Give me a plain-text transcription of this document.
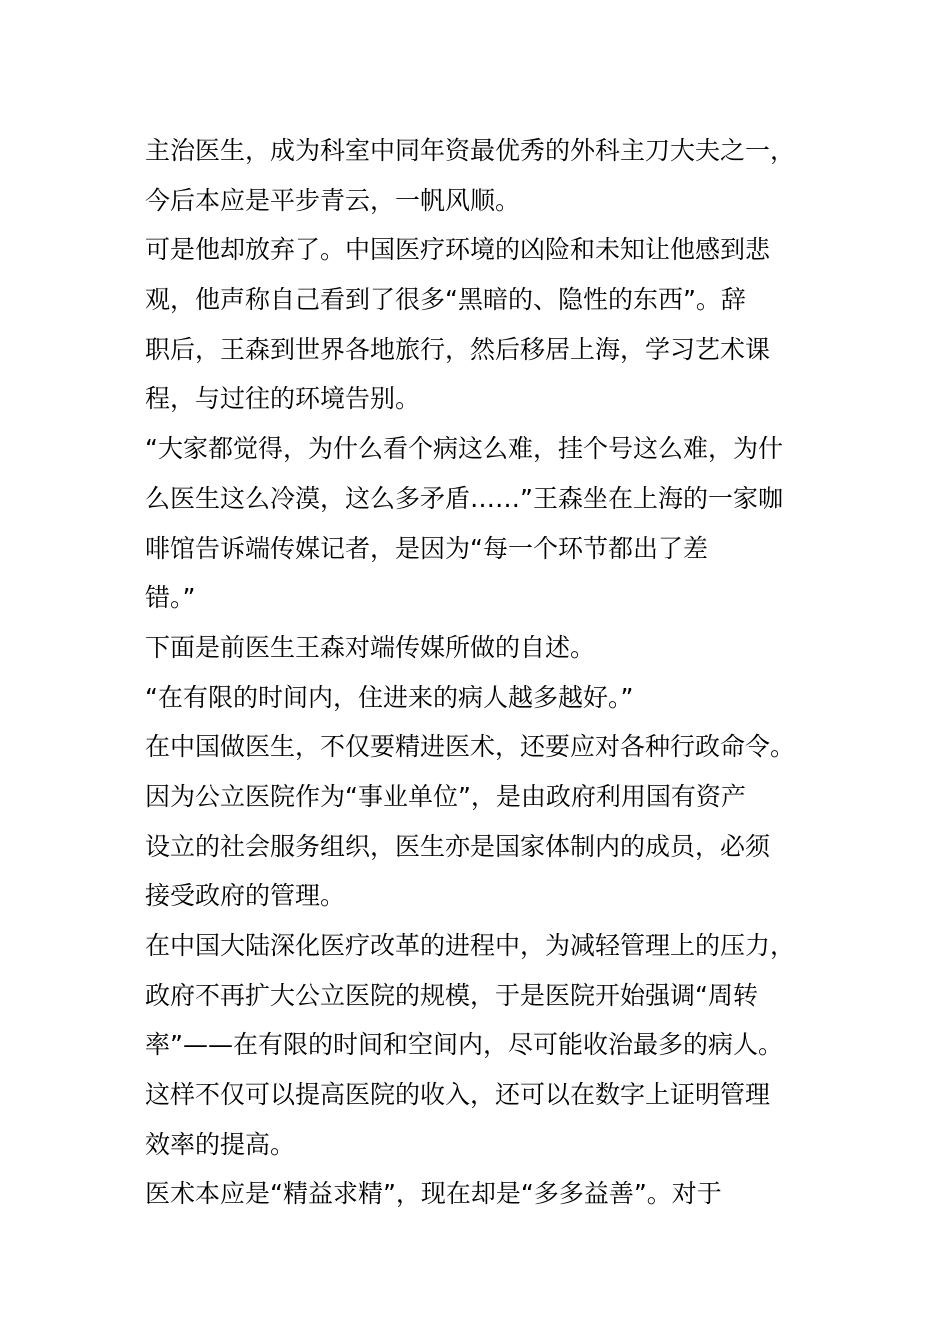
主治医生，成为科室中同年资最优秀的外科主刀大夫之一，
今后本应是平步青云，一帆风顺。
可是他却放弃了。中国医疗环境的凶险和未知让他感到悲
观，他声称自己看到了很多“黑暗的、隐性的东西”。辞
职后，王森到世界各地旅行，然后移居上海，学习艺术课
程，与过往的环境告别。
“大家都觉得，为什么看个病这么难，挂个号这么难，为什
么医生这么冷漠，这么多矛盾……”王森坐在上海的一家咖
啡馆告诉端传媒记者，是因为“每一个环节都出了差
错。”
下面是前医生王森对端传媒所做的自述。
“在有限的时间内，住进来的病人越多越好。”
在中国做医生，不仅要精进医术，还要应对各种行政命令。
因为公立医院作为“事业单位”，是由政府利用国有资产
设立的社会服务组织，医生亦是国家体制内的成员，必须
接受政府的管理。
在中国大陆深化医疗改革的进程中，为减轻管理上的压力，
政府不再扩大公立医院的规模，于是医院开始强调“周转
率”——在有限的时间和空间内，尽可能收治最多的病人。
这样不仅可以提高医院的收入，还可以在数字上证明管理
效率的提高。
医术本应是“精益求精”，现在却是“多多益善”。对于
